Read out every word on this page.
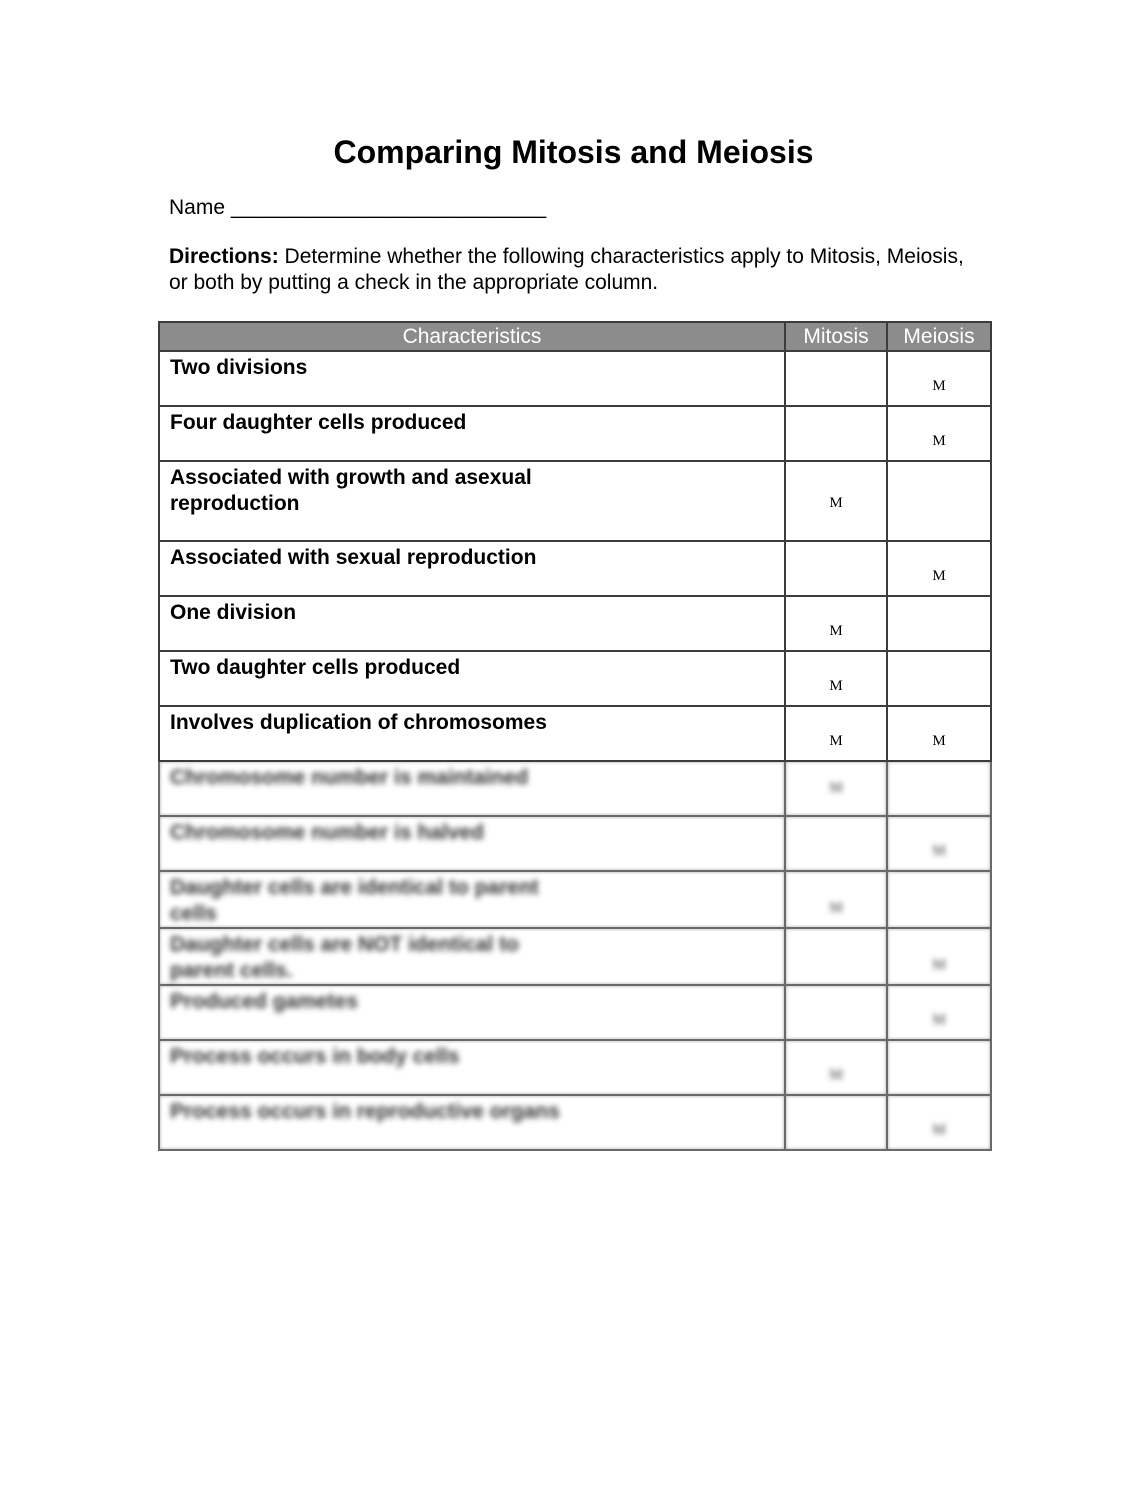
Comparing Mitosis and Meiosis
Name ___________________________
Directions: Determine whether the following characteristics apply to Mitosis, Meiosis, or both by putting a check in the appropriate column.
Characteristics	Mitosis	Meiosis

Two divisions		M

Four daughter cells produced		M

Associated with growth and asexual reproduction	M	

Associated with sexual reproduction		M

One division	M	

Two daughter cells produced	M	

Involves duplication of chromosomes	M	M

Chromosome number is maintained	M	

Chromosome number is halved		M

Daughter cells are identical to parent cells	M	

Daughter cells are NOT identical to parent cells.		M

Produced gametes		M

Process occurs in body cells	M	

Process occurs in reproductive organs		M
